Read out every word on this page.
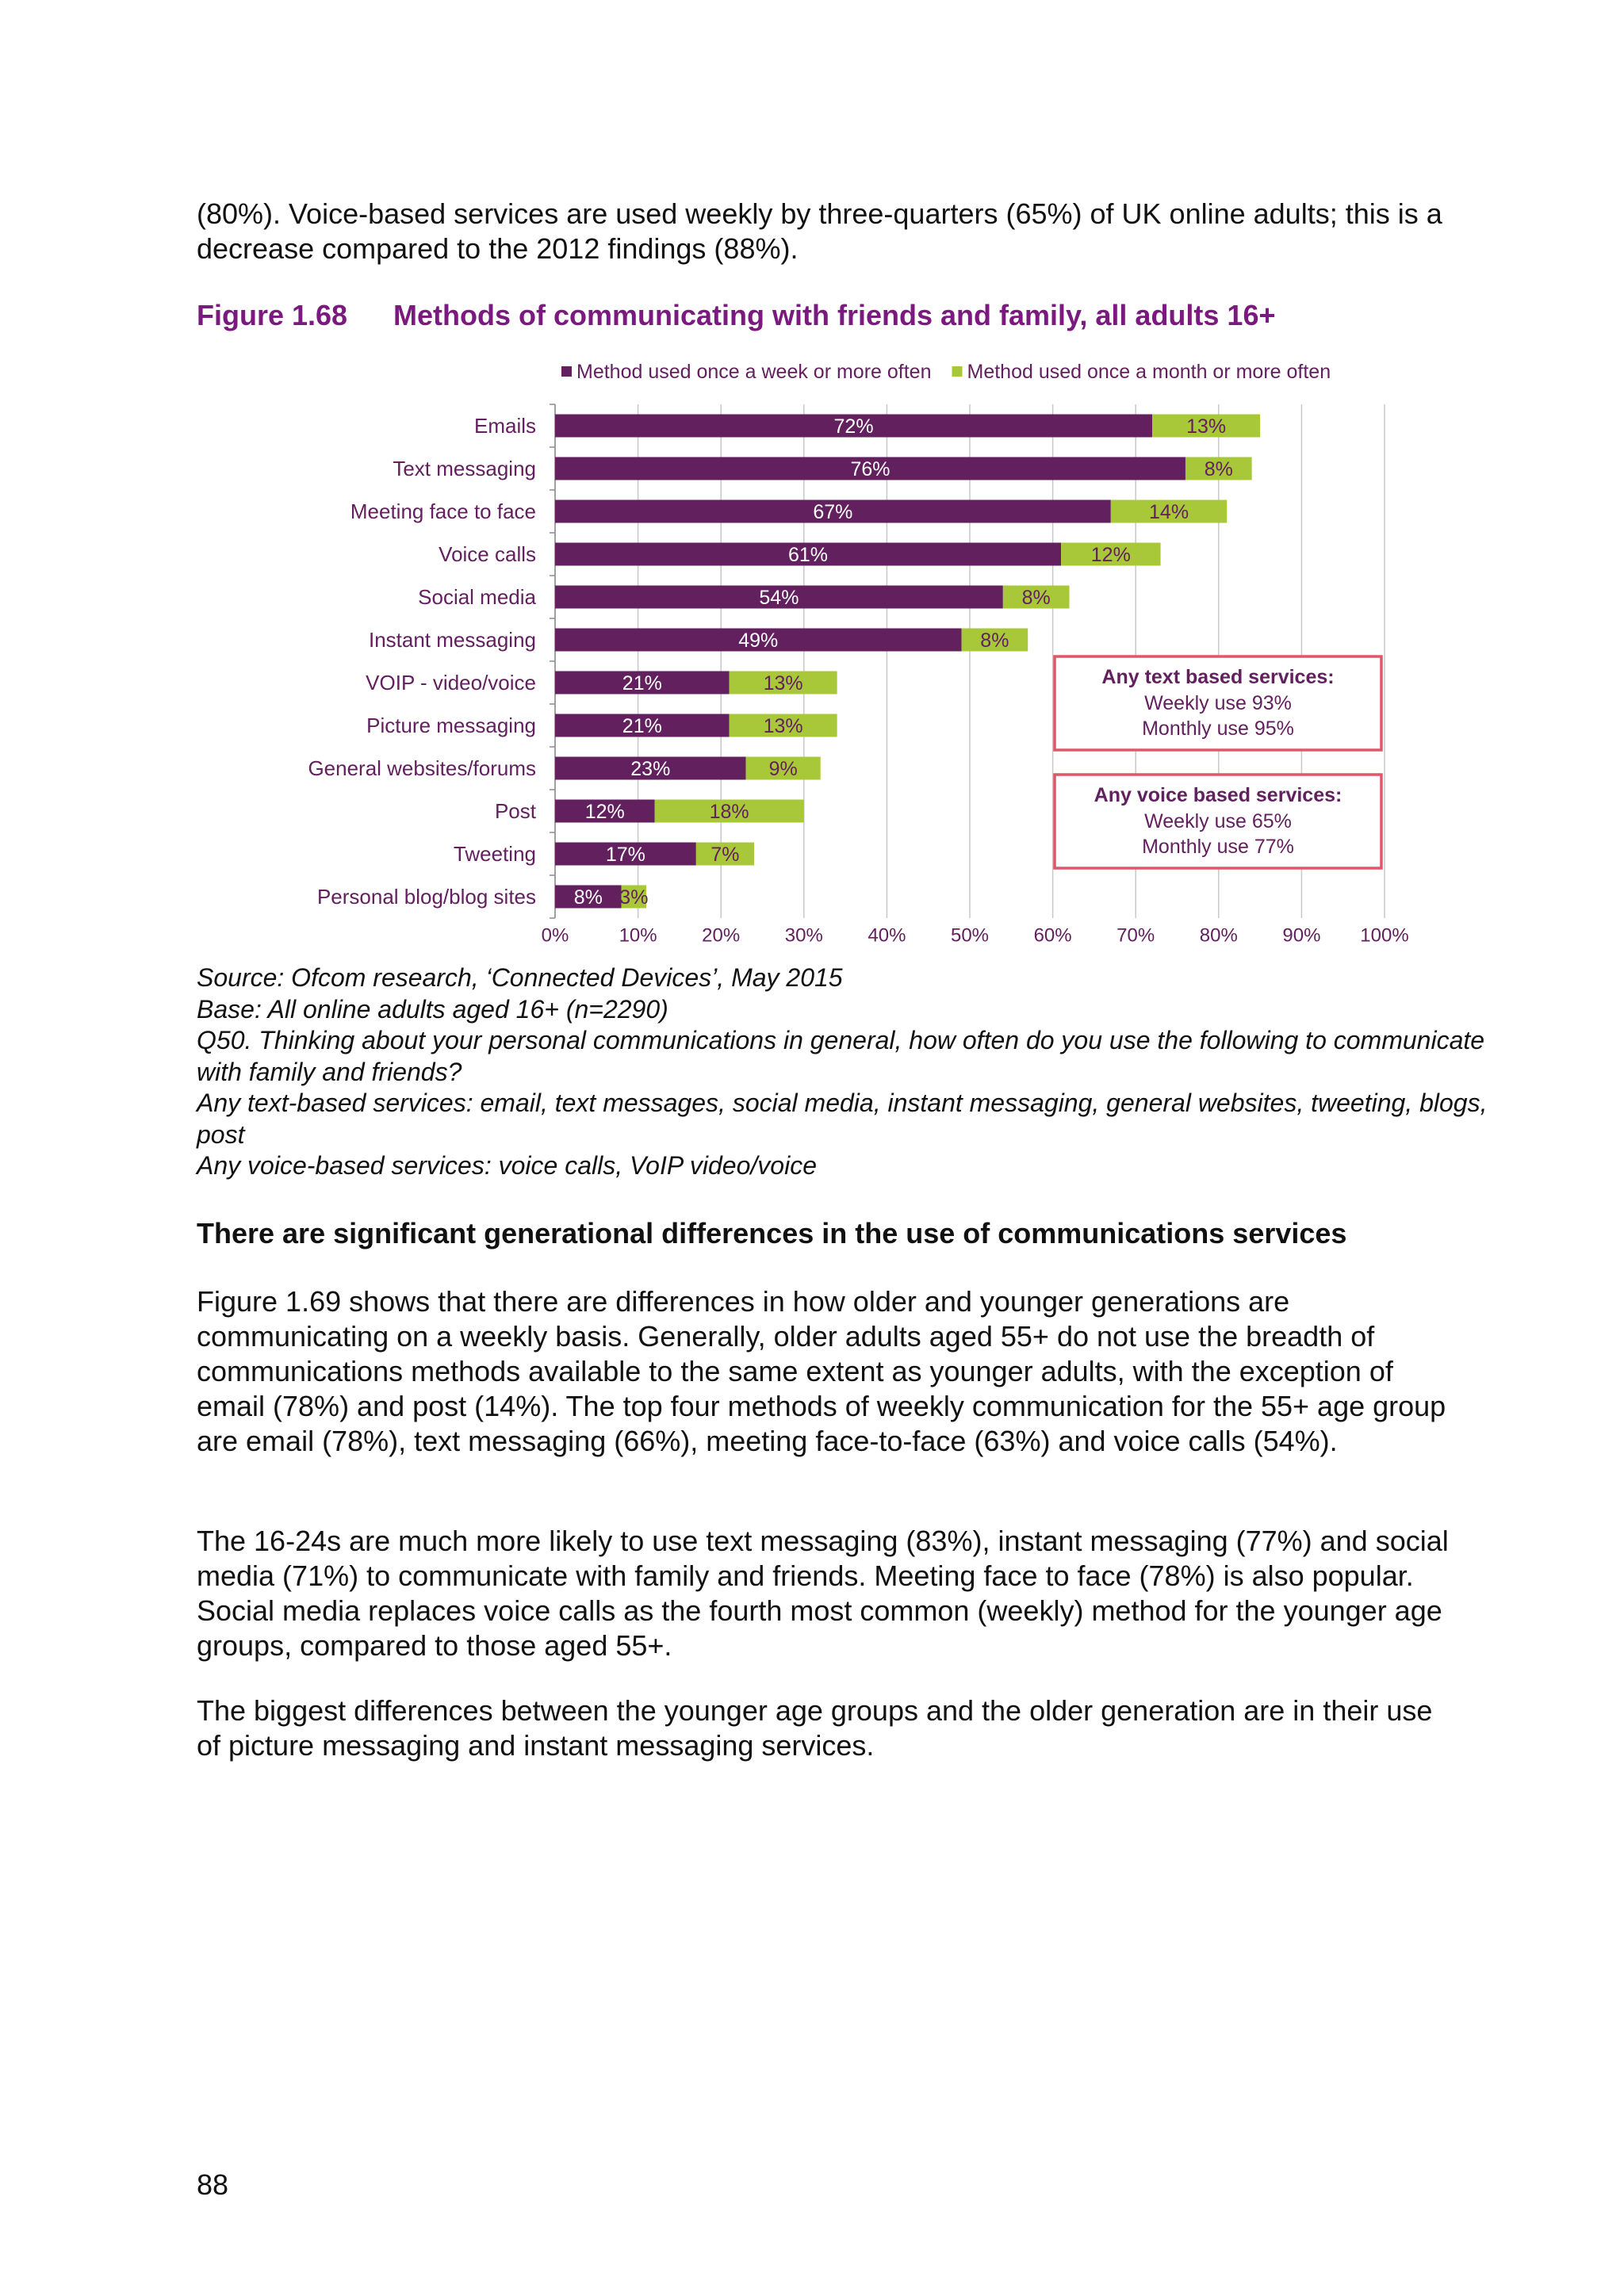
(80%). Voice-based services are used weekly by three-quarters (65%) of UK online adults; this is a decrease compared to the 2012 findings (88%).

Figure 1.68 Methods of communicating with friends and family, all adults 16+
0%	10% 20% 30% 40% 50% 60% 70% 80% 90% 100%
Method used once a week or more often Method used once a month or more often
Emails	72%	13%
Text messaging	76%	8%
Meeting face to face	67%	14%
Voice calls	61%	12%
Social media	54%	8%
Instant messaging	49%	8%
VOIP - video/voice	21%	13%
Picture messaging	21%	13%
General websites/forums	23%	9%
Post 12%	18%
Tweeting	17%	7%
Personal blog/blog sites 8% 3%
Any text based services:
Weekly use 93%
Monthly use 95%
Any voice based services:
Weekly use 65%
Monthly use 77%
Source: Ofcom research, ‘Connected Devices’, May 2015
Base: All online adults aged 16+ (n=2290)
Q50. Thinking about your personal communications in general, how often do you use the following to communicate with family and friends?
Any text-based services: email, text messages, social media, instant messaging, general websites, tweeting, blogs, post
Any voice-based services: voice calls, VoIP video/voice
There are significant generational differences in the use of communications services

Figure 1.69 shows that there are differences in how older and younger generations are communicating on a weekly basis. Generally, older adults aged 55+ do not use the breadth of communications methods available to the same extent as younger adults, with the exception of email (78%) and post (14%). The top four methods of weekly communication for the 55+ age group are email (78%), text messaging (66%), meeting face-to-face (63%) and voice calls (54%).

The 16-24s are much more likely to use text messaging (83%), instant messaging (77%) and social media (71%) to communicate with family and friends. Meeting face to face (78%) is also popular. Social media replaces voice calls as the fourth most common (weekly) method for the younger age groups, compared to those aged 55+.

The biggest differences between the younger age groups and the older generation are in their use of picture messaging and instant messaging services.

88
